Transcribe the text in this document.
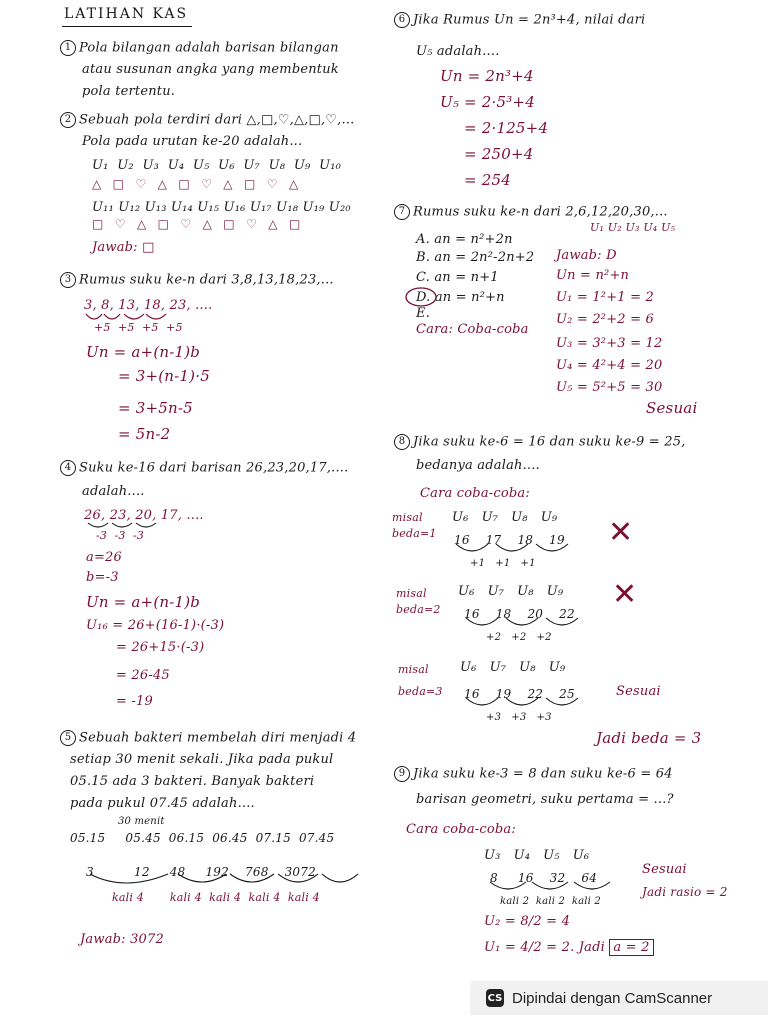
LATIHAN KAS
1 Pola bilangan adalah barisan bilangan
atau susunan angka yang membentuk
pola tertentu.
2 Sebuah pola terdiri dari △,□,♡,△,□,♡,...
Pola pada urutan ke-20 adalah...
U₁  U₂  U₃  U₄  U₅  U₆  U₇  U₈  U₉  U₁₀
△   □   ♡   △   □   ♡   △   □   ♡   △
U₁₁ U₁₂ U₁₃ U₁₄ U₁₅ U₁₆ U₁₇ U₁₈ U₁₉ U₂₀
□   ♡   △   □   ♡   △   □   ♡   △   □
Jawab: □
3 Rumus suku ke-n dari 3,8,13,18,23,...
3, 8, 13, 18, 23, ....
+5  +5  +5  +5
Un = a+(n-1)b
= 3+(n-1)·5
= 3+5n-5
= 5n-2
4 Suku ke-16 dari barisan 26,23,20,17,....
adalah....
26, 23, 20, 17, ....
-3  -3  -3
a=26
b=-3
Un = a+(n-1)b
U₁₆ = 26+(16-1)·(-3)
= 26+15·(-3)
= 26-45
= -19
5 Sebuah bakteri membelah diri menjadi 4
setiap 30 menit sekali. Jika pada pukul
05.15 ada 3 bakteri. Banyak bakteri
pada pukul 07.45 adalah....
30 menit
05.15     05.45  06.15  06.45  07.15  07.45
3          12     48     192    768    3072
kali 4       kali 4  kali 4  kali 4  kali 4
Jawab: 3072
6 Jika Rumus Un = 2n³+4, nilai dari
U₅ adalah....
Un = 2n³+4
U₅ = 2·5³+4
= 2·125+4
= 250+4
= 254
7 Rumus suku ke-n dari 2,6,12,20,30,...
U₁ U₂ U₃ U₄ U₅
A. an = n²+2n
B. an = 2n²-2n+2
C. an = n+1
D. an = n²+n
E.
Cara: Coba-coba
Jawab: D
Un = n²+n
U₁ = 1²+1 = 2
U₂ = 2²+2 = 6
U₃ = 3²+3 = 12
U₄ = 4²+4 = 20
U₅ = 5²+5 = 30
Sesuai
8 Jika suku ke-6 = 16 dan suku ke-9 = 25,
bedanya adalah....
Cara coba-coba:
misal
beda=1
U₆   U₇   U₈   U₉
16    17    18    19
+1   +1   +1
✕
misal
beda=2
U₆   U₇   U₈   U₉
16    18    20    22
+2   +2   +2
✕
misal
beda=3
U₆   U₇   U₈   U₉
16    19    22    25
+3   +3   +3
Sesuai
Jadi beda = 3
9 Jika suku ke-3 = 8 dan suku ke-6 = 64
barisan geometri, suku pertama = ...?
Cara coba-coba:
U₃   U₄   U₅   U₆
8     16    32    64
kali 2  kali 2  kali 2
Sesuai
Jadi rasio = 2
U₂ = 8/2 = 4
U₁ = 4/2 = 2. Jadi a = 2
CS Dipindai dengan CamScanner
